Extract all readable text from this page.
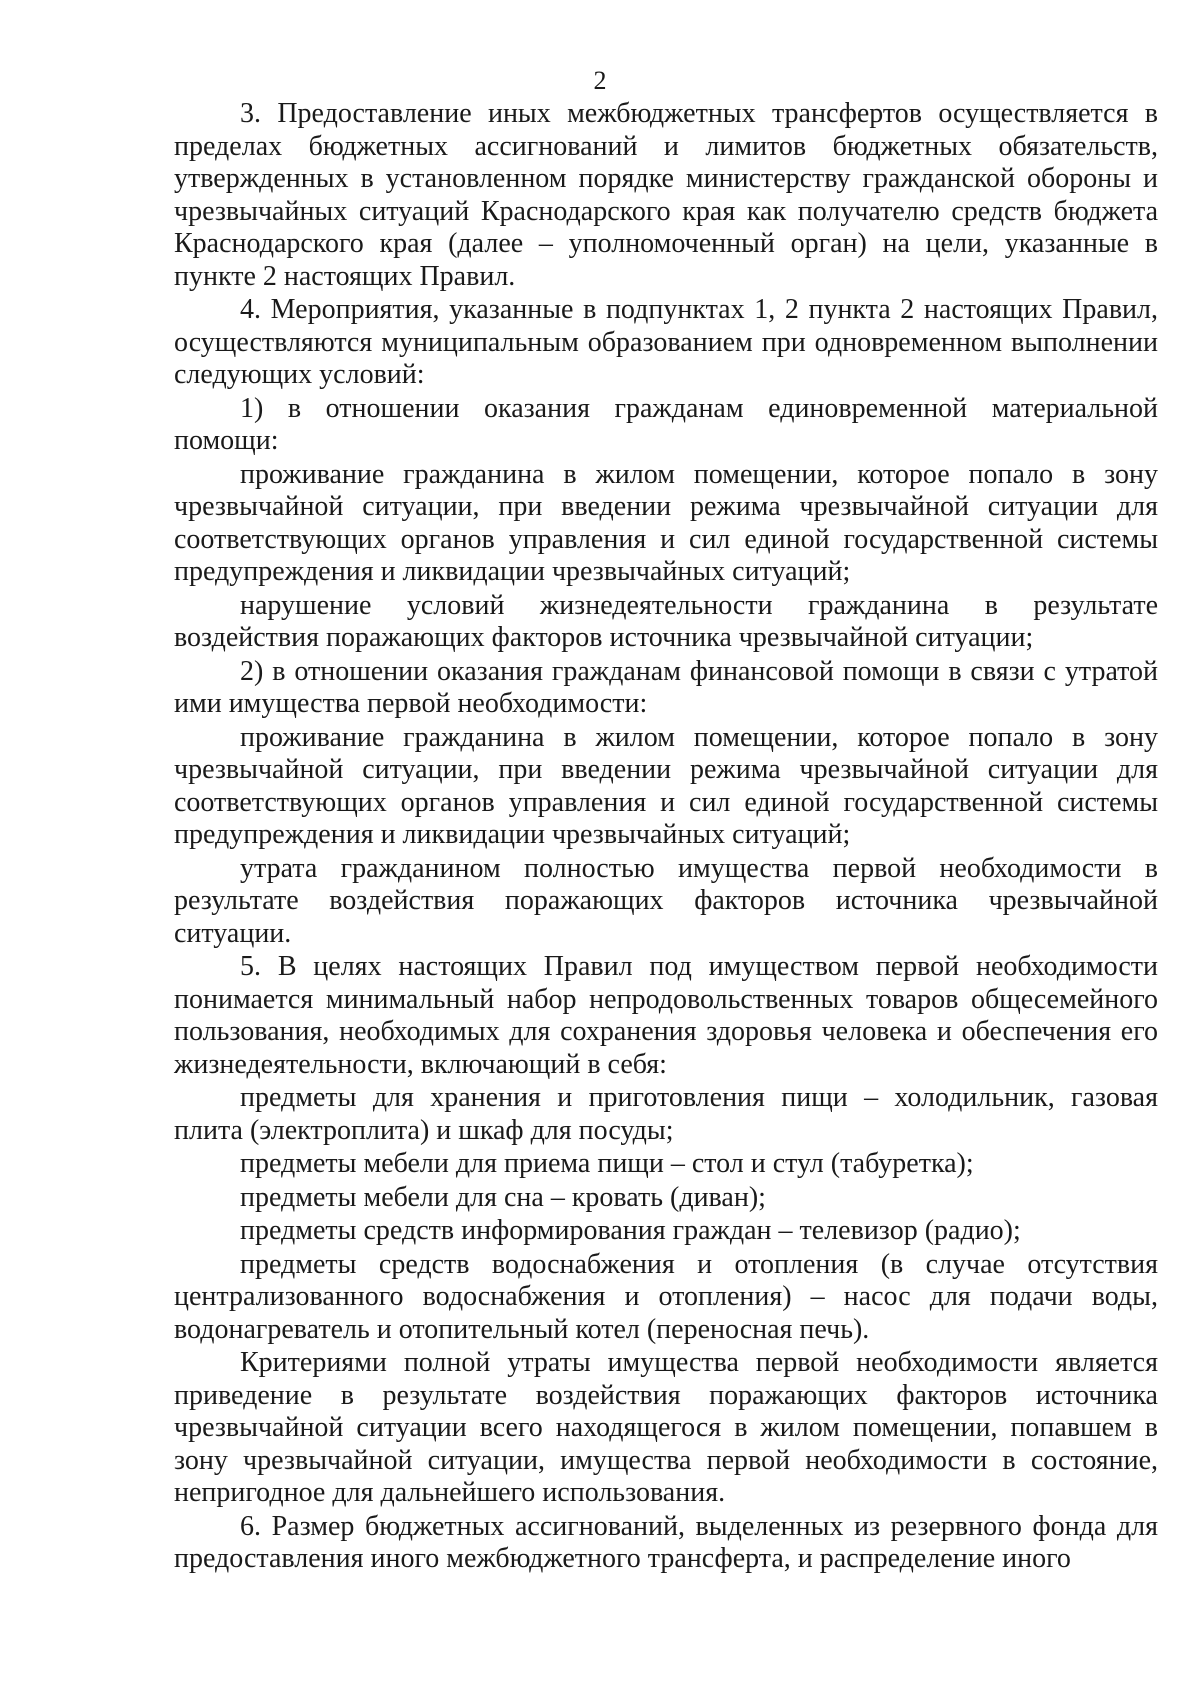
2

3. Предоставление иных межбюджетных трансфертов осуществляется в пределах бюджетных ассигнований и лимитов бюджетных обязательств, утвержденных в установленном порядке министерству гражданской обороны и чрезвычайных ситуаций Краснодарского края как получателю средств бюджета Краснодарского края (далее – уполномоченный орган) на цели, указанные в пункте 2 настоящих Правил.

4. Мероприятия, указанные в подпунктах 1, 2 пункта 2 настоящих Правил, осуществляются муниципальным образованием при одновременном выполнении следующих условий:

1) в отношении оказания гражданам единовременной материальной помощи:

проживание гражданина в жилом помещении, которое попало в зону чрезвычайной ситуации, при введении режима чрезвычайной ситуации для соответствующих органов управления и сил единой государственной системы предупреждения и ликвидации чрезвычайных ситуаций;

нарушение условий жизнедеятельности гражданина в результате воздействия поражающих факторов источника чрезвычайной ситуации;

2) в отношении оказания гражданам финансовой помощи в связи с утратой ими имущества первой необходимости:

проживание гражданина в жилом помещении, которое попало в зону чрезвычайной ситуации, при введении режима чрезвычайной ситуации для соответствующих органов управления и сил единой государственной системы предупреждения и ликвидации чрезвычайных ситуаций;

утрата гражданином полностью имущества первой необходимости в результате воздействия поражающих факторов источника чрезвычайной ситуации.

5. В целях настоящих Правил под имуществом первой необходимости понимается минимальный набор непродовольственных товаров общесемейного пользования, необходимых для сохранения здоровья человека и обеспечения его жизнедеятельности, включающий в себя:

предметы для хранения и приготовления пищи – холодильник, газовая плита (электроплита) и шкаф для посуды;

предметы мебели для приема пищи – стол и стул (табуретка);

предметы мебели для сна – кровать (диван);

предметы средств информирования граждан – телевизор (радио);

предметы средств водоснабжения и отопления (в случае отсутствия централизованного водоснабжения и отопления) – насос для подачи воды, водонагреватель и отопительный котел (переносная печь).

Критериями полной утраты имущества первой необходимости является приведение в результате воздействия поражающих факторов источника чрезвычайной ситуации всего находящегося в жилом помещении, попавшем в зону чрезвычайной ситуации, имущества первой необходимости в состояние, непригодное для дальнейшего использования.

6. Размер бюджетных ассигнований, выделенных из резервного фонда для предоставления иного межбюджетного трансферта, и распределение иного
